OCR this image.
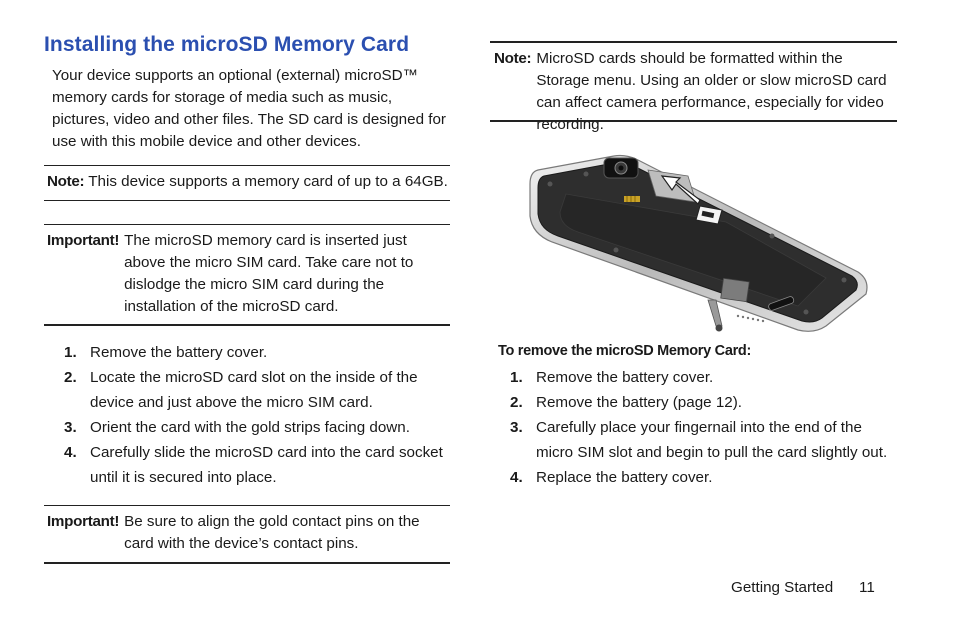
Installing the microSD Memory Card

Your device supports an optional (external) microSD™ memory cards for storage of media such as music, pictures, video and other files. The SD card is designed for use with this mobile device and other devices.

Note: This device supports a memory card of up to a 64GB.
Important! The microSD memory card is inserted just above the micro SIM card. Take care not to dislodge the micro SIM card during the installation of the microSD card.
1. Remove the battery cover.
2. Locate the microSD card slot on the inside of the device and just above the micro SIM card.
3. Orient the card with the gold strips facing down.
4. Carefully slide the microSD card into the card socket until it is secured into place.
Important! Be sure to align the gold contact pins on the card with the device’s contact pins.
Note: MicroSD cards should be formatted within the Storage menu. Using an older or slow microSD card can affect camera performance, especially for video recording.
To remove the microSD Memory Card:
1. Remove the battery cover.
2. Remove the battery (page 12).
3. Carefully place your fingernail into the end of the micro SIM slot and begin to pull the card slightly out.
4. Replace the battery cover.
Getting Started 11
